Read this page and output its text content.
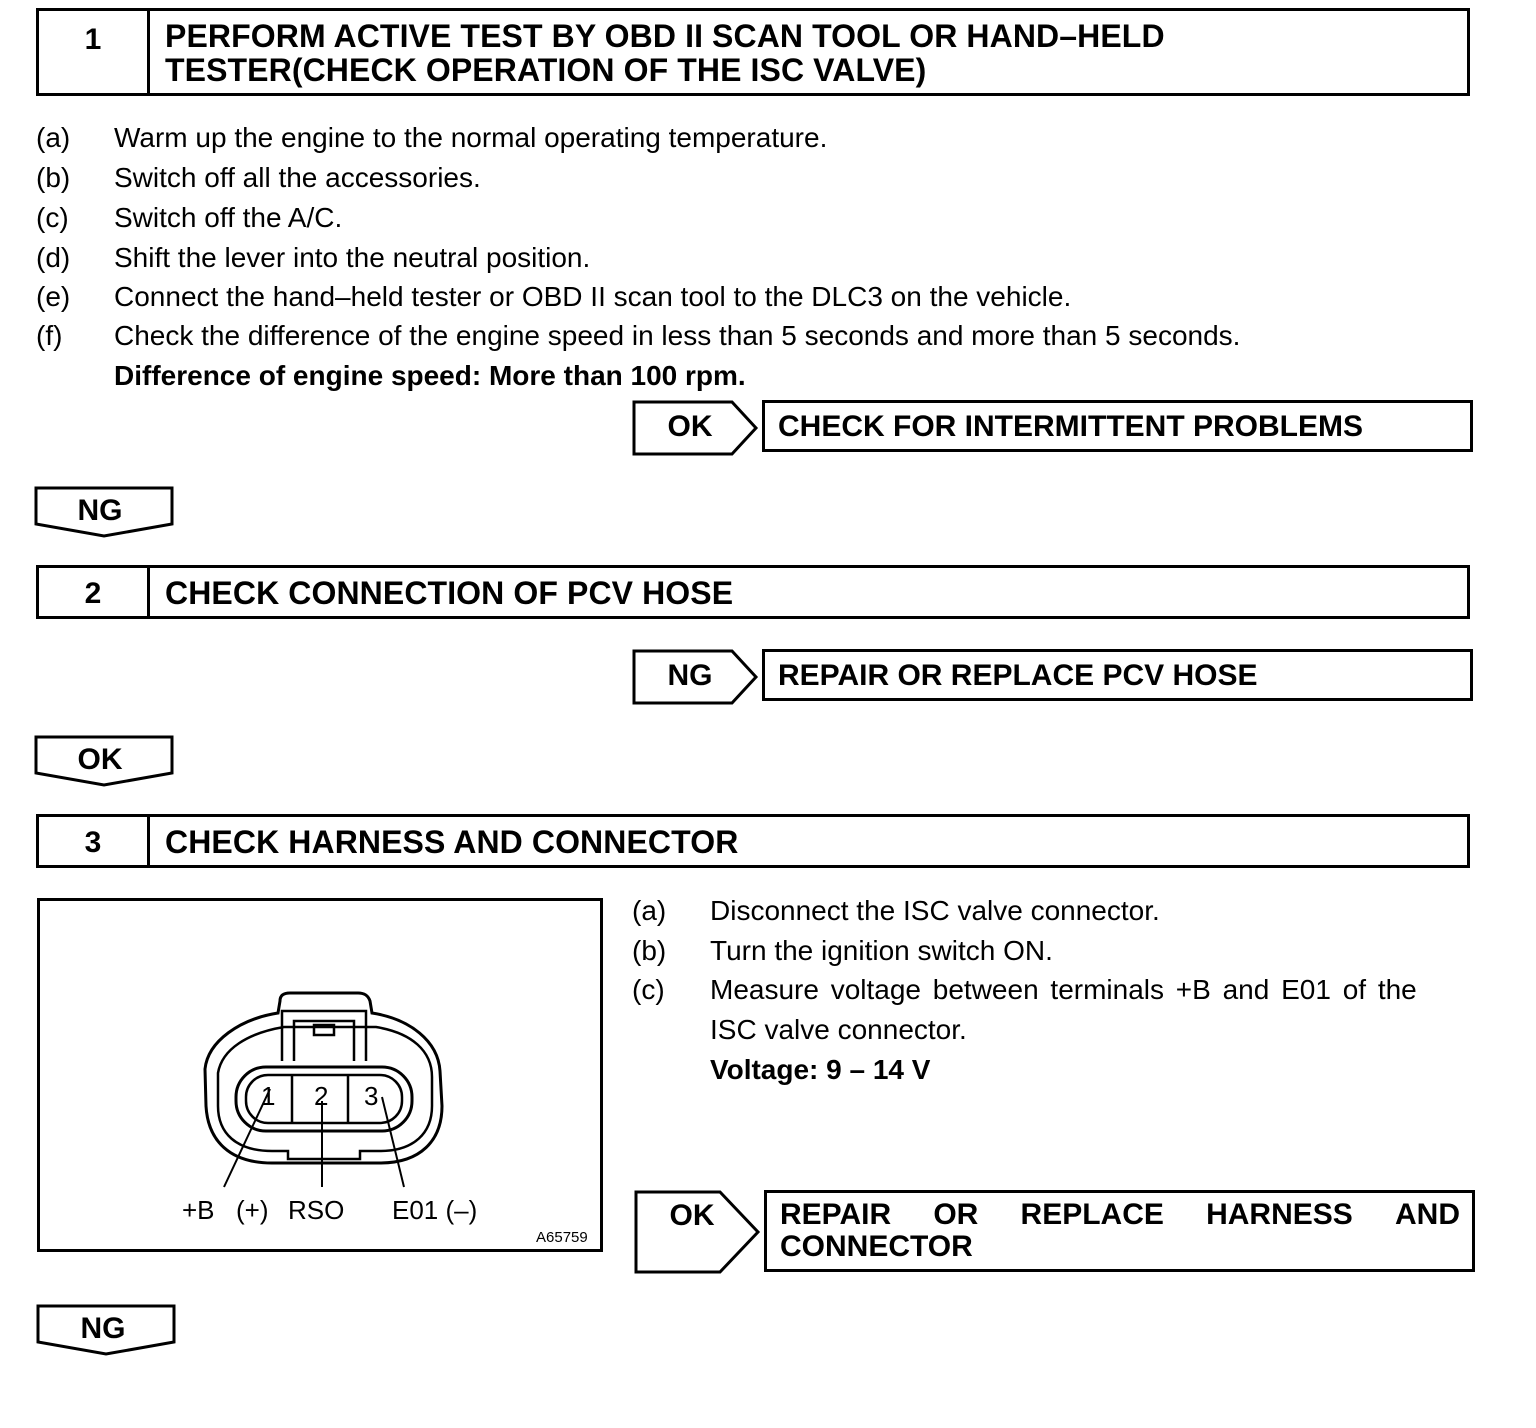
1	PERFORM ACTIVE TEST BY OBD II SCAN TOOL OR HAND–HELD
TESTER(CHECK OPERATION OF THE ISC VALVE)
(a) Warm up the engine to the normal operating temperature.
(b) Switch off all the accessories.
(c) Switch off the A/C.
(d) Shift the lever into the neutral position.
(e) Connect the hand–held tester or OBD II scan tool to the DLC3 on the vehicle.
(f) Check the difference of the engine speed in less than 5 seconds and more than 5 seconds.
Difference of engine speed: More than 100 rpm.
OK	CHECK FOR INTERMITTENT PROBLEMS
NG
2	CHECK CONNECTION OF PCV HOSE
NG	REPAIR OR REPLACE PCV HOSE
OK
3	CHECK HARNESS AND CONNECTOR
1 2 3
+B (+) RSO E01 (–)
A65759
(a) Disconnect the ISC valve connector.
(b) Turn the ignition switch ON.
(c) Measure voltage between terminals +B and E01 of the
ISC valve connector.
Voltage: 9 – 14 V
OK	REPAIR OR REPLACE HARNESS AND
CONNECTOR
NG
